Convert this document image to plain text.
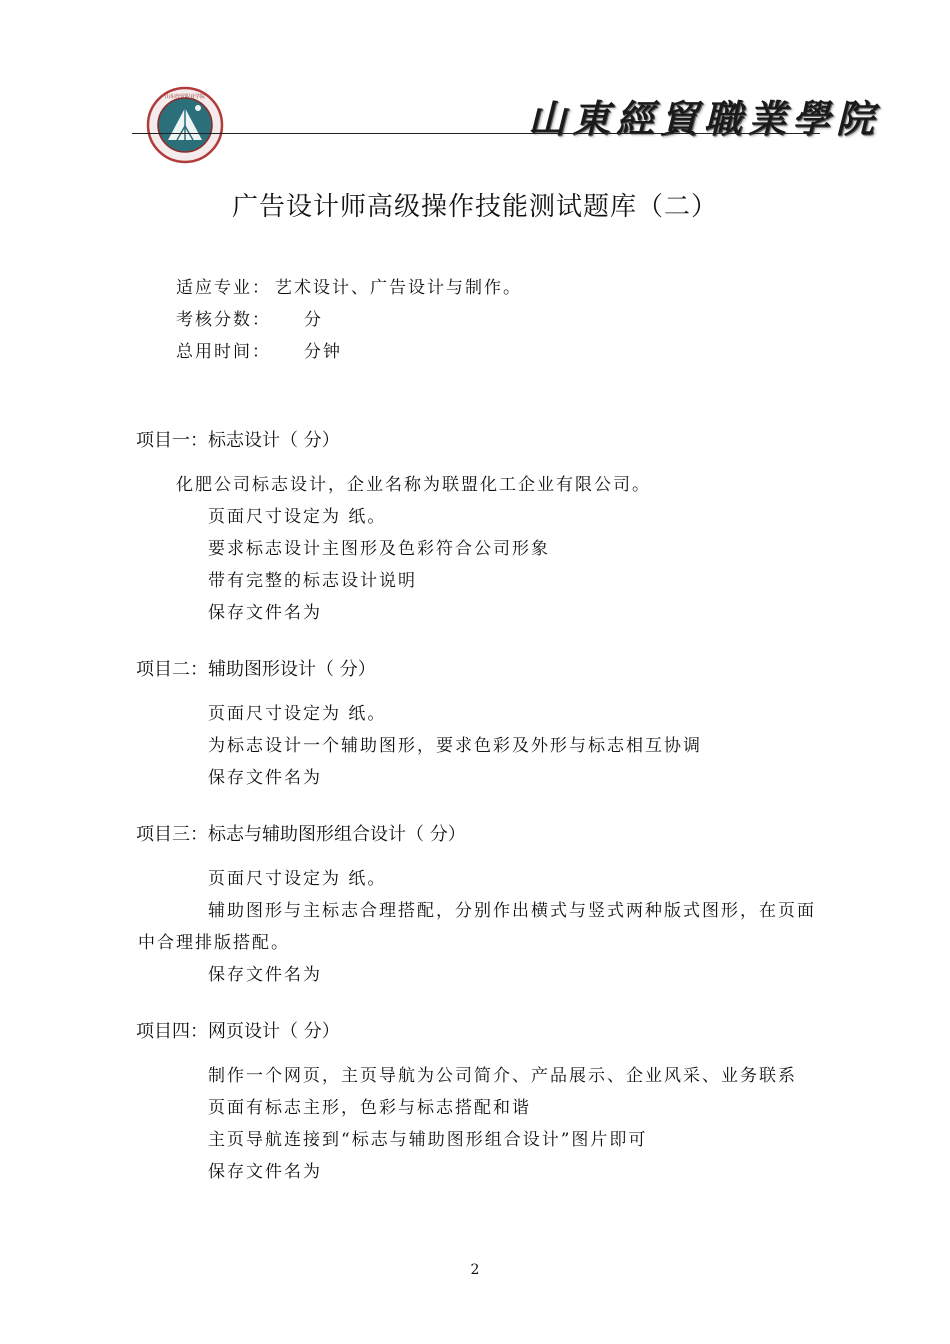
山东经贸职业学院	山東經貿職業學院
广告设计师高级操作技能测试题库（二）
适应专业： 艺术设计、广告设计与制作。
考核分数： 分
总用时间： 分钟
项目一：标志设计（ 分）
化肥公司标志设计，企业名称为联盟化工企业有限公司。
页面尺寸设定为 纸。
要求标志设计主图形及色彩符合公司形象
带有完整的标志设计说明
保存文件名为
项目二：辅助图形设计（ 分）
页面尺寸设定为 纸。
为标志设计一个辅助图形，要求色彩及外形与标志相互协调
保存文件名为
项目三：标志与辅助图形组合设计（ 分）
页面尺寸设定为 纸。
辅助图形与主标志合理搭配，分别作出横式与竖式两种版式图形，在页面
中合理排版搭配。
保存文件名为
项目四：网页设计（ 分）
制作一个网页，主页导航为公司简介、产品展示、企业风采、业务联系
页面有标志主形，色彩与标志搭配和谐
主页导航连接到“标志与辅助图形组合设计”图片即可
保存文件名为
2
